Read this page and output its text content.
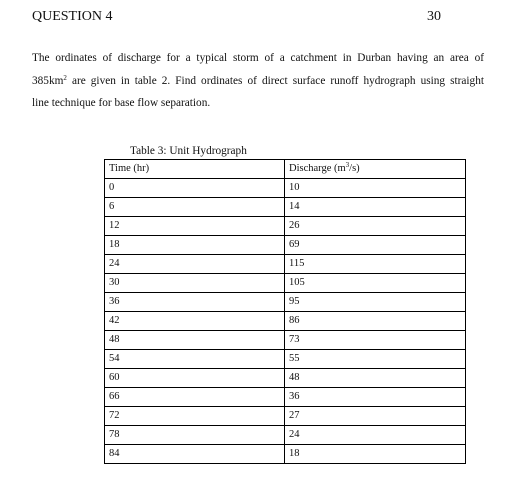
QUESTION 4	30
The ordinates of discharge for a typical storm of a catchment in Durban having an area of
$385km^2$ are given in table 2. Find ordinates of direct surface runoff hydrograph using straight
line technique for base flow separation.
Table 3: Unit Hydrograph
Time (hr)	Discharge $(m^3/s)$
0	10
6	14
12	26
18	69
24	115
30	105
36	95
42	86
48	73
54	55
60	48
66	36
72	27
78	24
84	18
